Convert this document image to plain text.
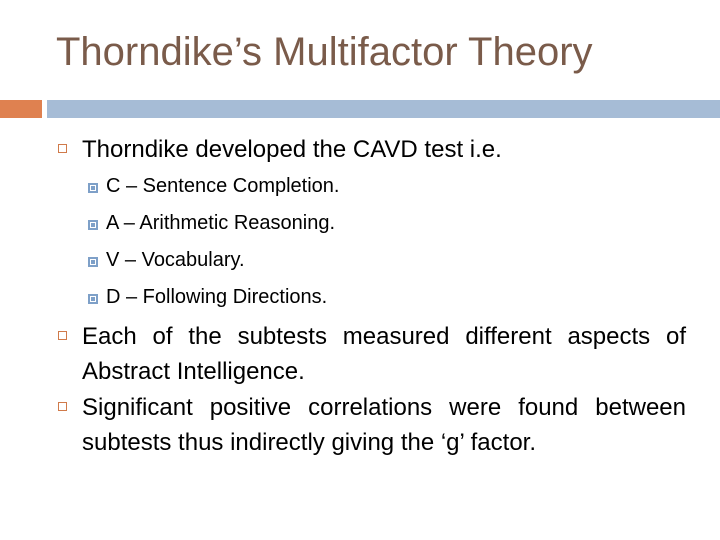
Thorndike’s Multifactor Theory
Thorndike developed the CAVD test i.e.
C – Sentence Completion.
A – Arithmetic Reasoning.
V – Vocabulary.
D – Following Directions.
Each of the subtests measured different aspects of Abstract Intelligence.
Significant positive correlations were found between subtests thus indirectly giving the ‘g’ factor.
